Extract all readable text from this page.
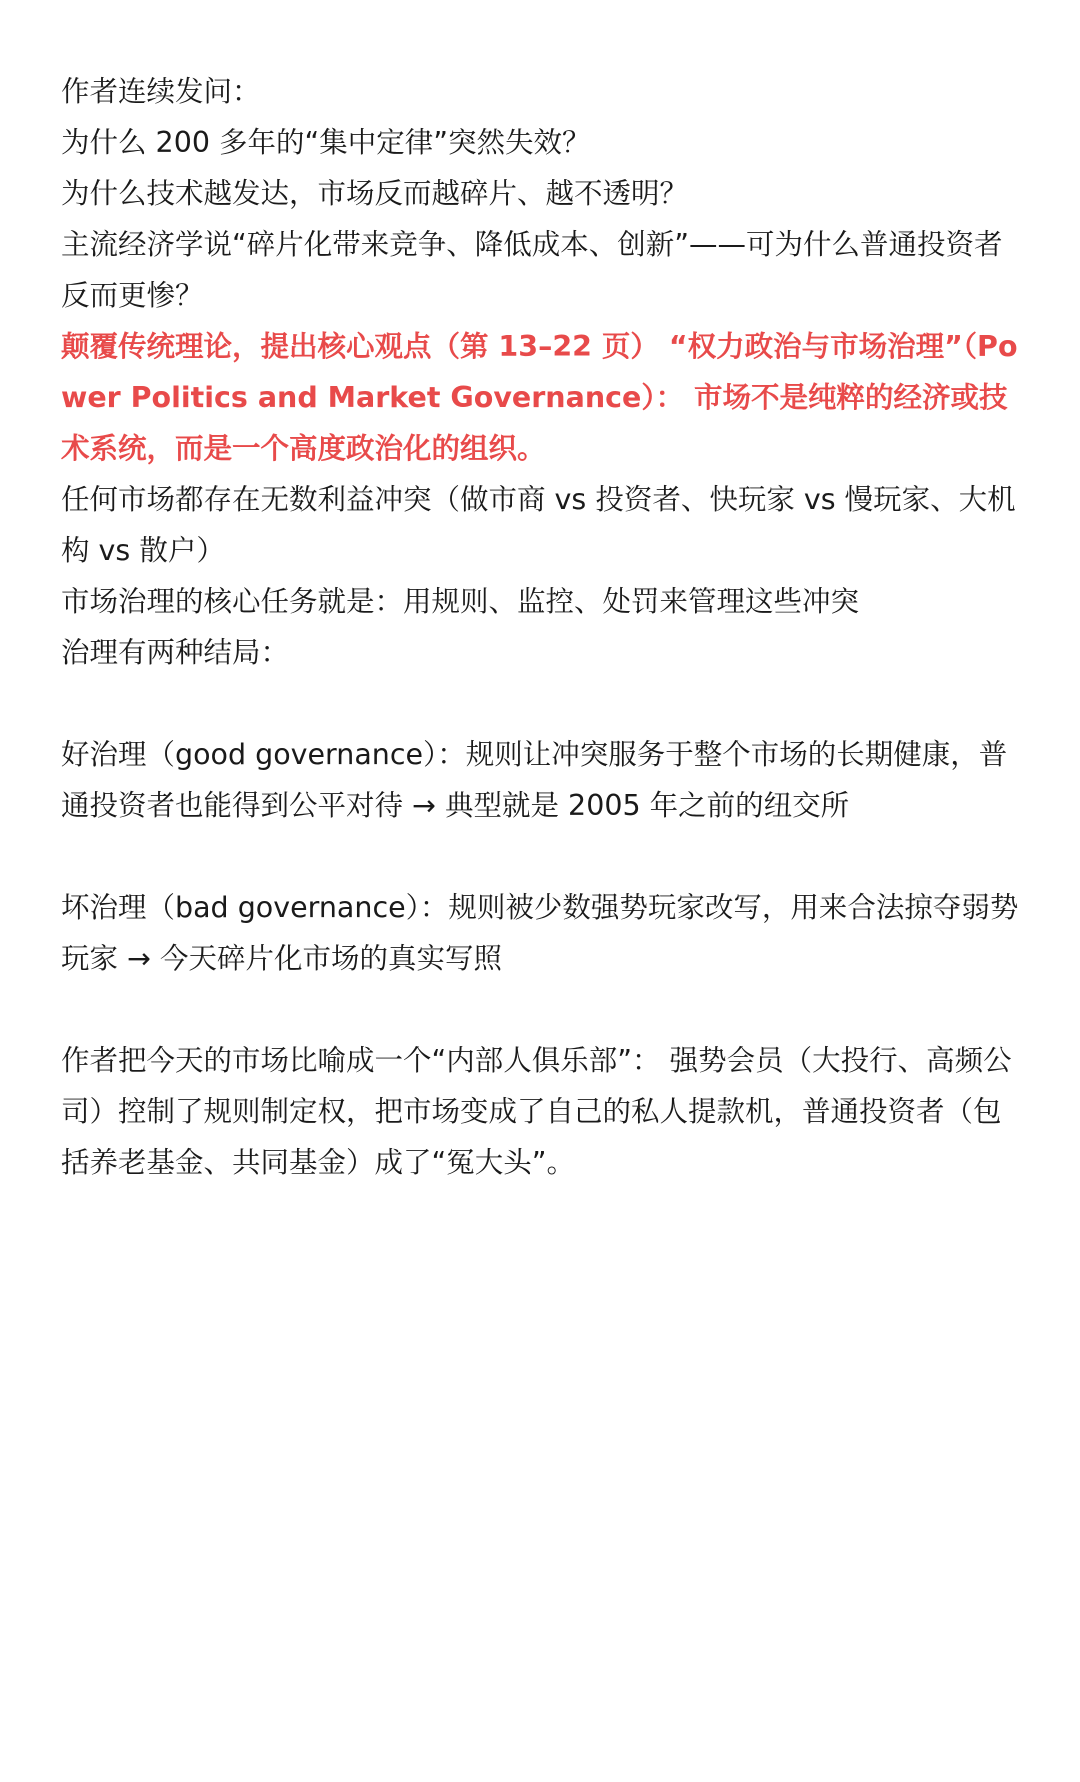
作者连续发问：

为什么 200 多年的“集中定律”突然失效？

为什么技术越发达，市场反而越碎片、越不透明？

主流经济学说“碎片化带来竞争、降低成本、创新”——可为什么普通投资者反而更惨？

颠覆传统理论，提出核心观点（第 13–22 页） “权力政治与市场治理”（Power Politics and Market Governance）： 市场不是纯粹的经济或技术系统，而是一个高度政治化的组织。

任何市场都存在无数利益冲突（做市商 vs 投资者、快玩家 vs 慢玩家、大机构 vs 散户）

市场治理的核心任务就是：用规则、监控、处罚来管理这些冲突

治理有两种结局：

好治理（good governance）：规则让冲突服务于整个市场的长期健康，普通投资者也能得到公平对待 → 典型就是 2005 年之前的纽交所

坏治理（bad governance）：规则被少数强势玩家改写，用来合法掠夺弱势玩家 → 今天碎片化市场的真实写照

作者把今天的市场比喻成一个“内部人俱乐部”： 强势会员（大投行、高频公司）控制了规则制定权，把市场变成了自己的私人提款机，普通投资者（包括养老基金、共同基金）成了“冤大头”。
